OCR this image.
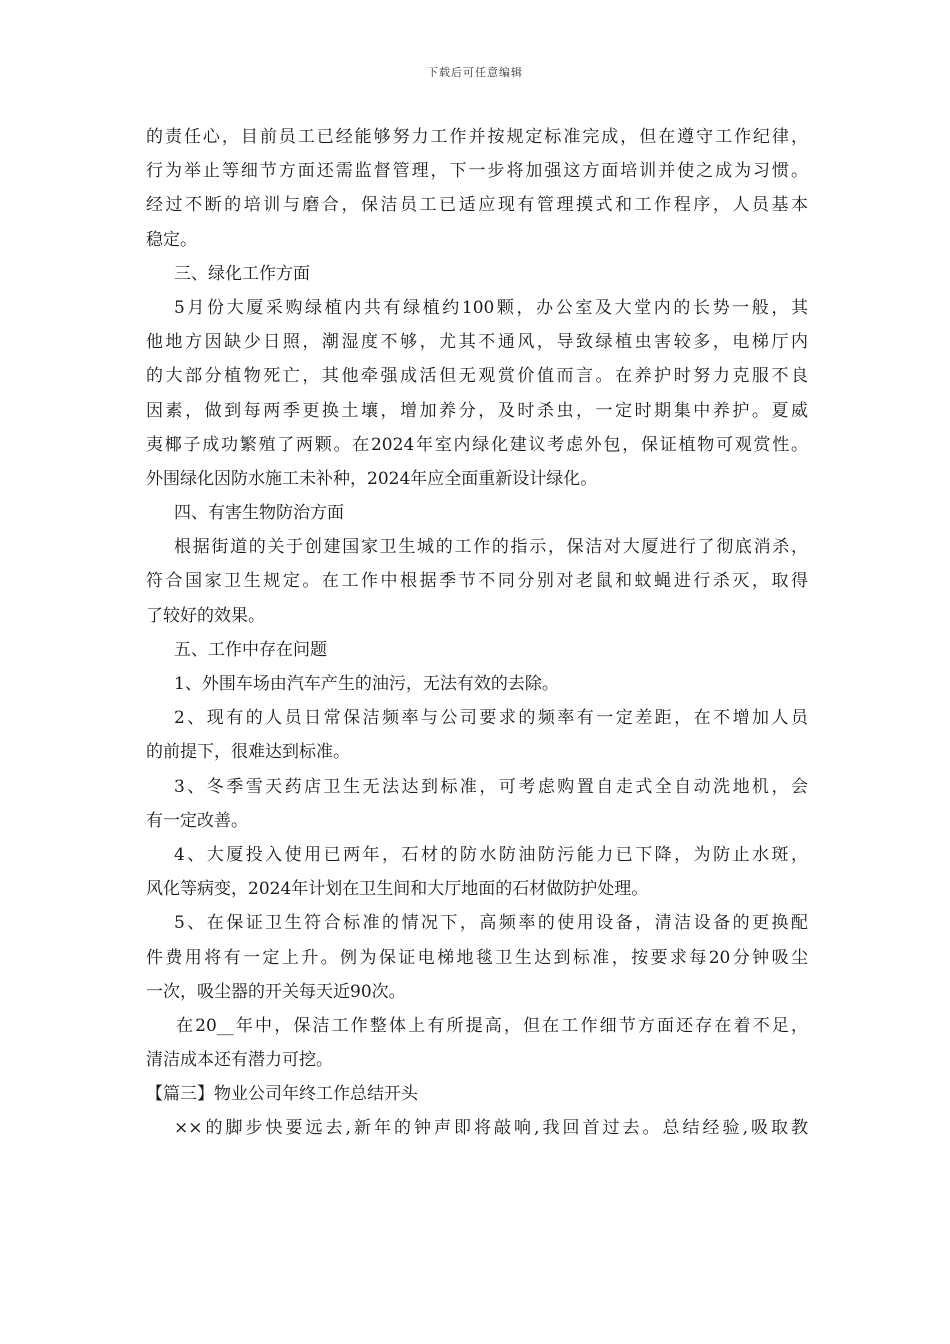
下载后可任意编辑
的责任心，目前员工已经能够努力工作并按规定标准完成，但在遵守工作纪律，
行为举止等细节方面还需监督管理，下一步将加强这方面培训并使之成为习惯。
经过不断的培训与磨合，保洁员工已适应现有管理摸式和工作程序，人员基本
稳定。
三、绿化工作方面
5月份大厦采购绿植内共有绿植约100颗，办公室及大堂内的长势一般，其
他地方因缺少日照，潮湿度不够，尤其不通风，导致绿植虫害较多，电梯厅内
的大部分植物死亡，其他牵强成活但无观赏价值而言。在养护时努力克服不良
因素，做到每两季更换土壤，增加养分，及时杀虫，一定时期集中养护。夏威
夷椰子成功繁殖了两颗。在2024年室内绿化建议考虑外包，保证植物可观赏性。
外围绿化因防水施工未补种，2024年应全面重新设计绿化。
四、有害生物防治方面
根据街道的关于创建国家卫生城的工作的指示，保洁对大厦进行了彻底消杀，
符合国家卫生规定。在工作中根据季节不同分别对老鼠和蚊蝇进行杀灭，取得
了较好的效果。
五、工作中存在问题
1、外围车场由汽车产生的油污，无法有效的去除。
2、现有的人员日常保洁频率与公司要求的频率有一定差距，在不增加人员
的前提下，很难达到标准。
3、冬季雪天药店卫生无法达到标准，可考虑购置自走式全自动洗地机，会
有一定改善。
4、大厦投入使用已两年，石材的防水防油防污能力已下降，为防止水斑，
风化等病变，2024年计划在卫生间和大厅地面的石材做防护处理。
5、在保证卫生符合标准的情况下，高频率的使用设备，清洁设备的更换配
件费用将有一定上升。例为保证电梯地毯卫生达到标准，按要求每20分钟吸尘
一次，吸尘器的开关每天近90次。
在20__年中，保洁工作整体上有所提高，但在工作细节方面还存在着不足，
清洁成本还有潜力可挖。
【篇三】物业公司年终工作总结开头
××的脚步快要远去,新年的钟声即将敲响,我回首过去。总结经验,吸取教
